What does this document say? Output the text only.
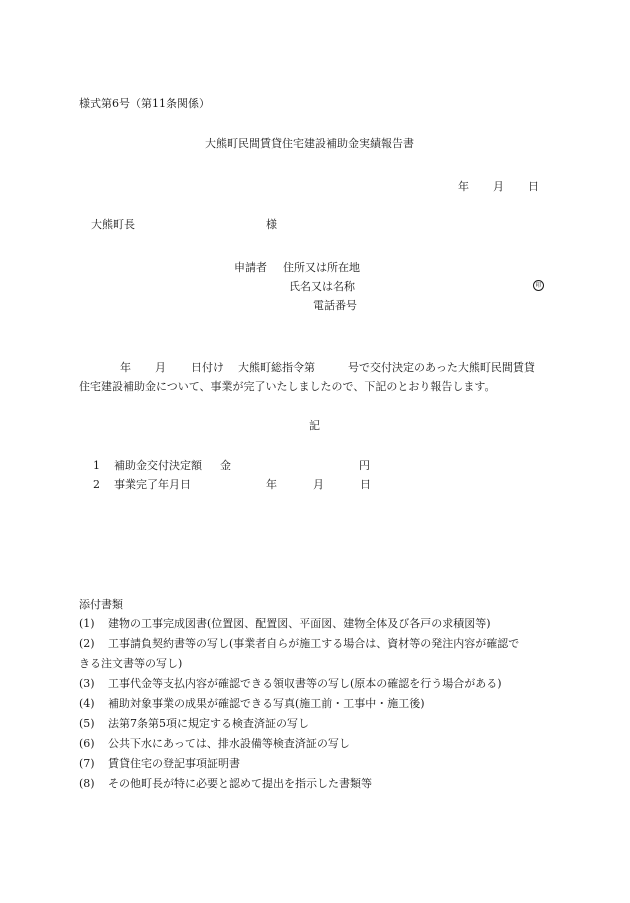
様式第6号（第11条関係）
大熊町民間賃貸住宅建設補助金実績報告書
年 月 日
大熊町長	様
申請者 住所又は所在地
氏名又は名称	印
電話番号
年 月 日付け 大熊町総指令第	号で交付決定のあった大熊町民間賃貸
住宅建設補助金について、事業が完了いたしましたので、下記のとおり報告します。
記
1 補助金交付決定額 金	円
2 事業完了年月日	年	月	日
添付書類
(1) 建物の工事完成図書(位置図、配置図、平面図、建物全体及び各戸の求積図等)
(2) 工事請負契約書等の写し(事業者自らが施工する場合は、資材等の発注内容が確認で
きる注文書等の写し)
(3) 工事代金等支払内容が確認できる領収書等の写し(原本の確認を行う場合がある)
(4) 補助対象事業の成果が確認できる写真(施工前・工事中・施工後)
(5) 法第7条第5項に規定する検査済証の写し
(6) 公共下水にあっては、排水設備等検査済証の写し
(7) 賃貸住宅の登記事項証明書
(8) その他町長が特に必要と認めて提出を指示した書類等
